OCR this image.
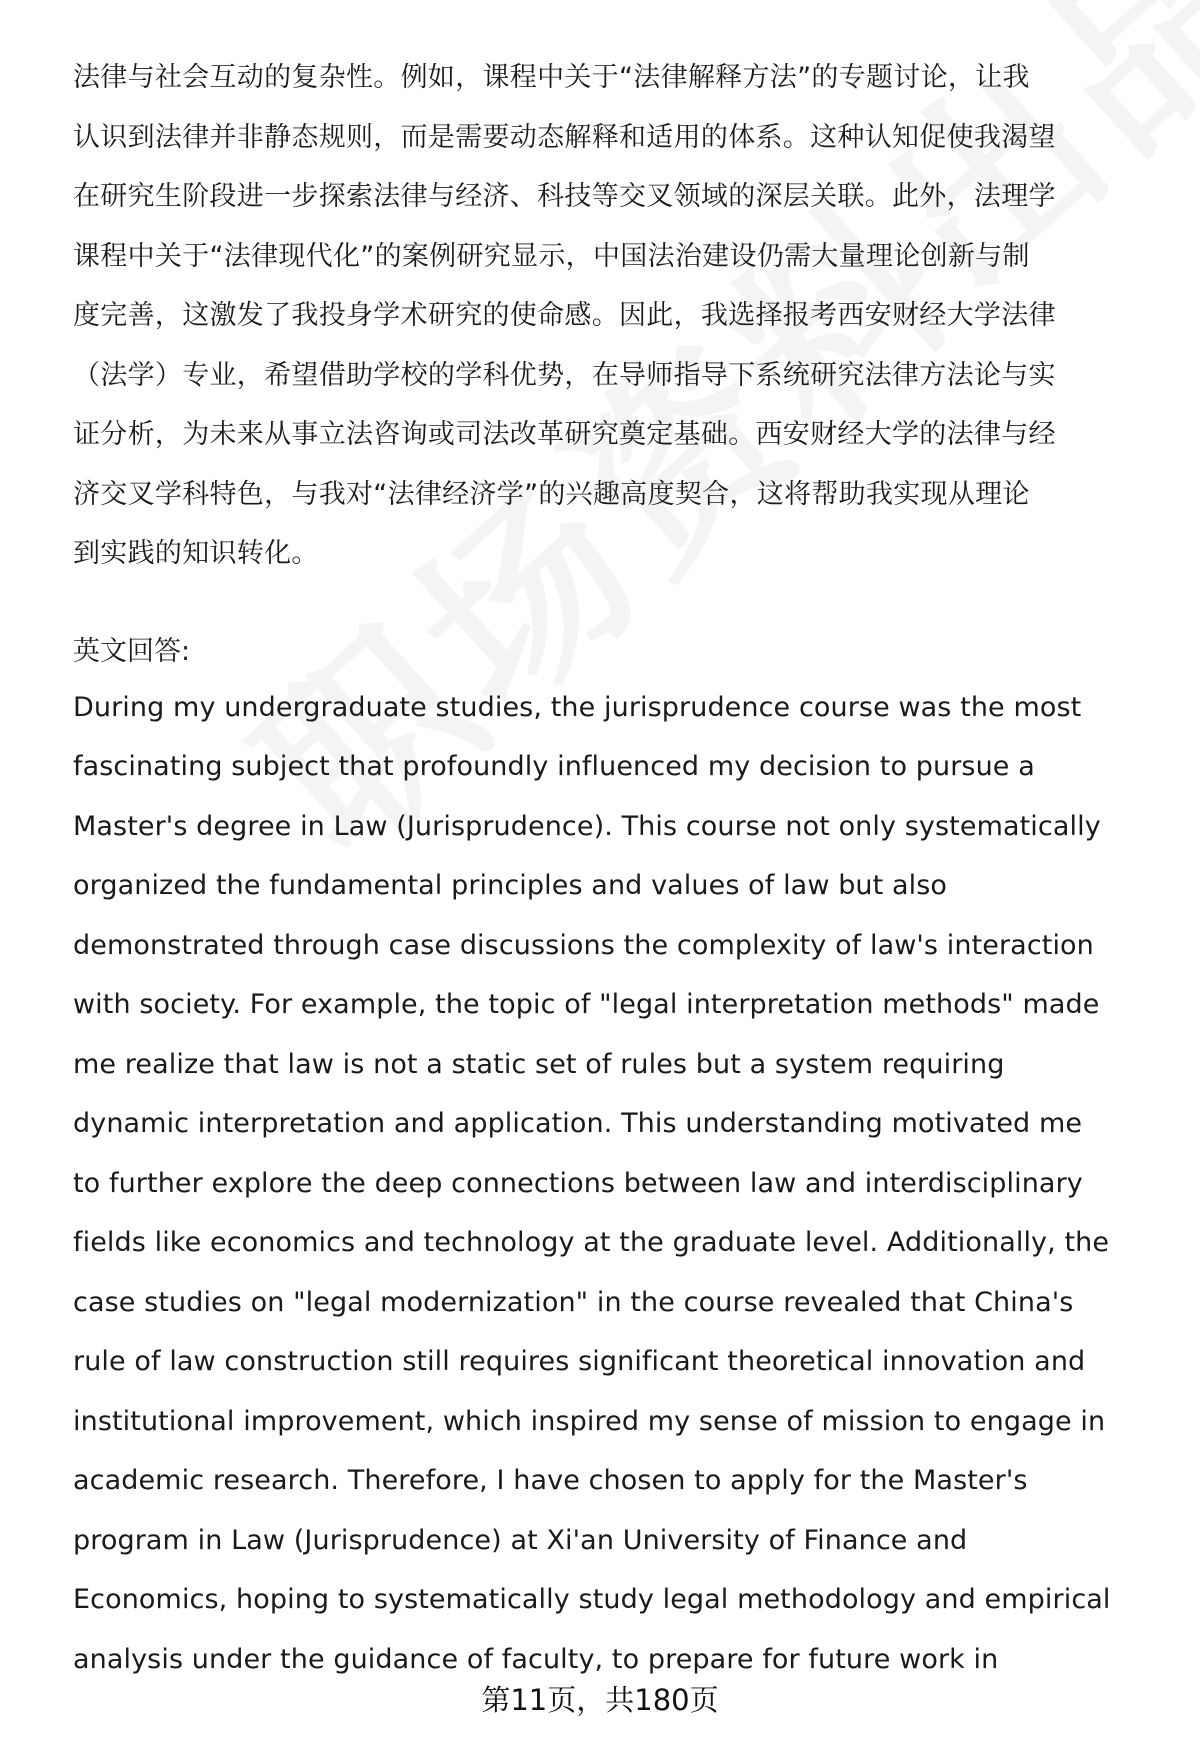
法律与社会互动的复杂性。例如，课程中关于“法律解释方法”的专题讨论，让我
认识到法律并非静态规则，而是需要动态解释和适用的体系。这种认知促使我渴望
在研究生阶段进一步探索法律与经济、科技等交叉领域的深层关联。此外，法理学
课程中关于“法律现代化”的案例研究显示，中国法治建设仍需大量理论创新与制
度完善，这激发了我投身学术研究的使命感。因此，我选择报考西安财经大学法律
（法学）专业，希望借助学校的学科优势，在导师指导下系统研究法律方法论与实
证分析，为未来从事立法咨询或司法改革研究奠定基础。西安财经大学的法律与经
济交叉学科特色，与我对“法律经济学”的兴趣高度契合，这将帮助我实现从理论
到实践的知识转化。
英文回答:
During my undergraduate studies, the jurisprudence course was the most
fascinating subject that profoundly influenced my decision to pursue a
Master's degree in Law (Jurisprudence). This course not only systematically
organized the fundamental principles and values of law but also
demonstrated through case discussions the complexity of law's interaction
with society. For example, the topic of "legal interpretation methods" made
me realize that law is not a static set of rules but a system requiring
dynamic interpretation and application. This understanding motivated me
to further explore the deep connections between law and interdisciplinary
fields like economics and technology at the graduate level. Additionally, the
case studies on "legal modernization" in the course revealed that China's
rule of law construction still requires significant theoretical innovation and
institutional improvement, which inspired my sense of mission to engage in
academic research. Therefore, I have chosen to apply for the Master's
program in Law (Jurisprudence) at Xi'an University of Finance and
Economics, hoping to systematically study legal methodology and empirical
analysis under the guidance of faculty, to prepare for future work in
第11页，共180页
